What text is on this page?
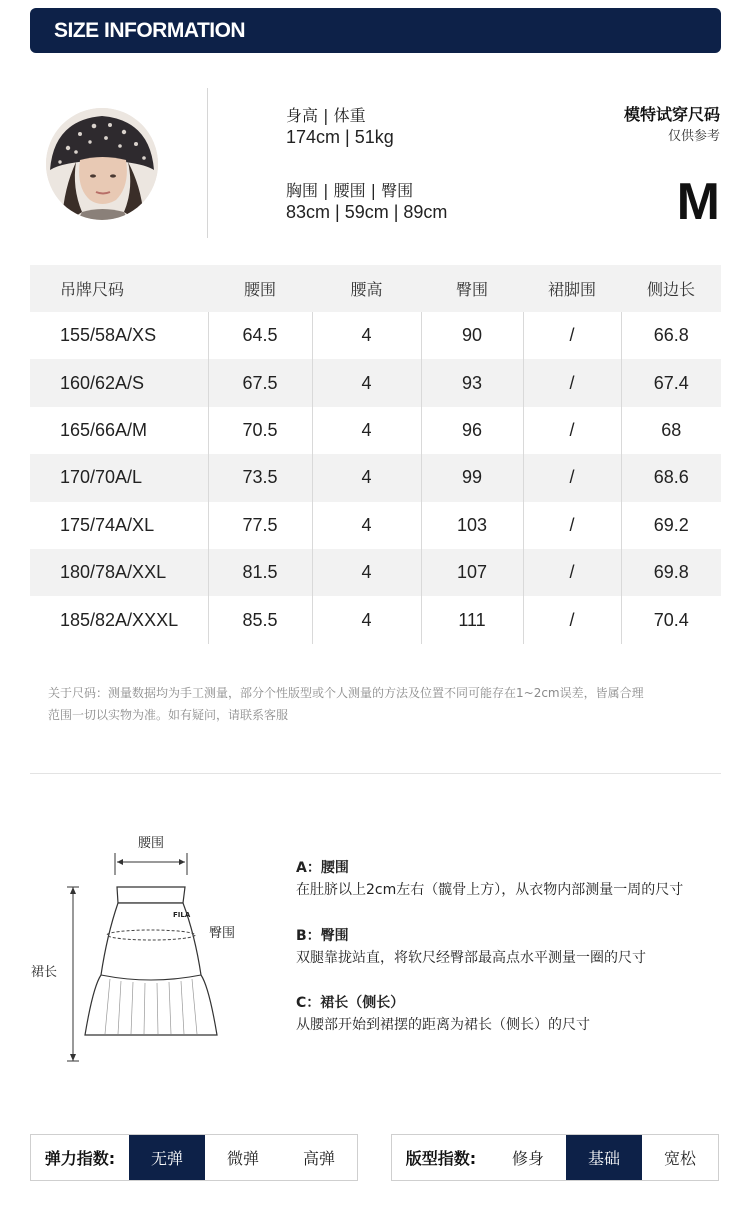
SIZE INFORMATION
身高 | 体重
174cm | 51kg
胸围 | 腰围 | 臀围
83cm | 59cm | 89cm
模特试穿尺码
仅供参考
M
吊牌尺码	腰围	腰高	臀围	裙脚围	侧边长
155/58A/XS	64.5	4	90	/	66.8
160/62A/S	67.5	4	93	/	67.4
165/66A/M	70.5	4	96	/	68
170/70A/L	73.5	4	99	/	68.6
175/74A/XL	77.5	4	103	/	69.2
180/78A/XXL	81.5	4	107	/	69.8
185/82A/XXXL	85.5	4	111	/	70.4
关于尺码：测量数据均为手工测量，部分个性版型或个人测量的方法及位置不同可能存在1~2cm误差，皆属合理
范围一切以实物为准。如有疑问，请联系客服
腰围
FILA
臀围
裙长
A：腰围
在肚脐以上2cm左右（髋骨上方），从衣物内部测量一周的尺寸
B：臀围
双腿靠拢站直，将软尺经臀部最高点水平测量一圈的尺寸
C：裙长（侧长）
从腰部开始到裙摆的距离为裙长（侧长）的尺寸
弹力指数:	无弹	微弹	高弹	版型指数:	修身	基础	宽松
